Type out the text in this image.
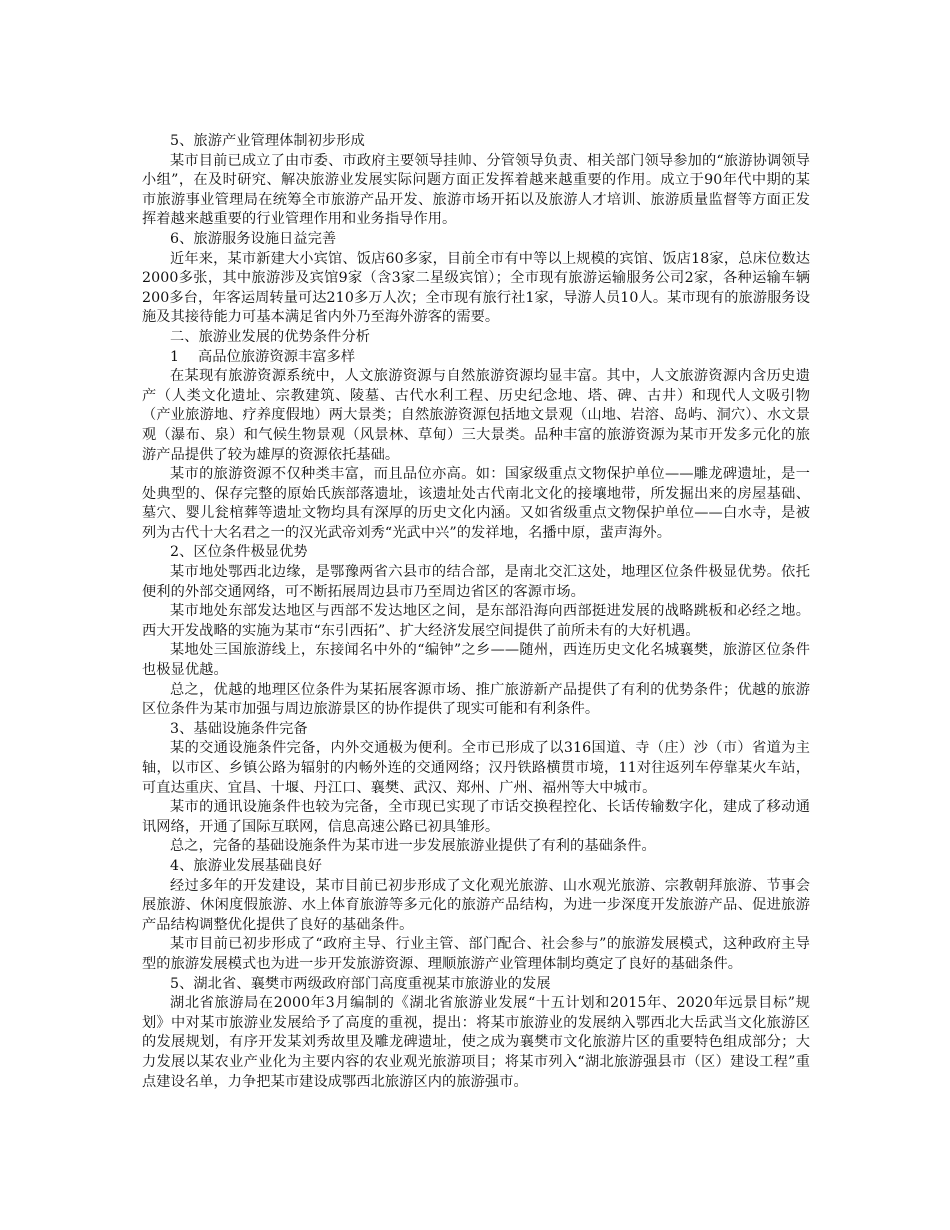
5、旅游产业管理体制初步形成

某市目前已成立了由市委、市政府主要领导挂帅、分管领导负责、相关部门领导参加的“旅游协调领导小组”，在及时研究、解决旅游业发展实际问题方面正发挥着越来越重要的作用。成立于90年代中期的某市旅游事业管理局在统筹全市旅游产品开发、旅游市场开拓以及旅游人才培训、旅游质量监督等方面正发挥着越来越重要的行业管理作用和业务指导作用。

6、旅游服务设施日益完善

近年来，某市新建大小宾馆、饭店60多家，目前全市有中等以上规模的宾馆、饭店18家，总床位数达2000多张，其中旅游涉及宾馆9家（含3家二星级宾馆）；全市现有旅游运输服务公司2家，各种运输车辆200多台，年客运周转量可达210多万人次；全市现有旅行社1家，导游人员10人。某市现有的旅游服务设施及其接待能力可基本满足省内外乃至海外游客的需要。

二、旅游业发展的优势条件分析

1　 高品位旅游资源丰富多样

在某现有旅游资源系统中，人文旅游资源与自然旅游资源均显丰富。其中，人文旅游资源内含历史遗产（人类文化遗址、宗教建筑、陵墓、古代水利工程、历史纪念地、塔、碑、古井）和现代人文吸引物（产业旅游地、疗养度假地）两大景类；自然旅游资源包括地文景观（山地、岩溶、岛屿、洞穴）、水文景观（瀑布、泉）和气候生物景观（风景林、草甸）三大景类。品种丰富的旅游资源为某市开发多元化的旅游产品提供了较为雄厚的资源依托基础。

某市的旅游资源不仅种类丰富，而且品位亦高。如：国家级重点文物保护单位——雕龙碑遗址，是一处典型的、保存完整的原始氏族部落遗址，该遗址处古代南北文化的接壤地带，所发掘出来的房屋基础、墓穴、婴儿瓮棺葬等遗址文物均具有深厚的历史文化内涵。又如省级重点文物保护单位——白水寺，是被列为古代十大名君之一的汉光武帝刘秀“光武中兴”的发祥地，名播中原，蜚声海外。

2、区位条件极显优势

某市地处鄂西北边缘，是鄂豫两省六县市的结合部，是南北交汇这处，地理区位条件极显优势。依托便利的外部交通网络，可不断拓展周边县市乃至周边省区的客源市场。

某市地处东部发达地区与西部不发达地区之间，是东部沿海向西部挺进发展的战略跳板和必经之地。西大开发战略的实施为某市“东引西拓”、扩大经济发展空间提供了前所未有的大好机遇。

某地处三国旅游线上，东接闻名中外的“编钟”之乡——随州，西连历史文化名城襄樊，旅游区位条件也极显优越。

总之，优越的地理区位条件为某拓展客源市场、推广旅游新产品提供了有利的优势条件；优越的旅游区位条件为某市加强与周边旅游景区的协作提供了现实可能和有利条件。

3、基础设施条件完备

某的交通设施条件完备，内外交通极为便利。全市已形成了以316国道、寺（庄）沙（市）省道为主轴，以市区、乡镇公路为辐射的内畅外连的交通网络；汉丹铁路横贯市境，11对往返列车停靠某火车站，可直达重庆、宜昌、十堰、丹江口、襄樊、武汉、郑州、广州、福州等大中城市。

某市的通讯设施条件也较为完备，全市现已实现了市话交换程控化、长话传输数字化，建成了移动通讯网络，开通了国际互联网，信息高速公路已初具雏形。

总之，完备的基础设施条件为某市进一步发展旅游业提供了有利的基础条件。

4、旅游业发展基础良好

经过多年的开发建设，某市目前已初步形成了文化观光旅游、山水观光旅游、宗教朝拜旅游、节事会展旅游、休闲度假旅游、水上体育旅游等多元化的旅游产品结构，为进一步深度开发旅游产品、促进旅游产品结构调整优化提供了良好的基础条件。

某市目前已初步形成了“政府主导、行业主管、部门配合、社会参与”的旅游发展模式，这种政府主导型的旅游发展模式也为进一步开发旅游资源、理顺旅游产业管理体制均奠定了良好的基础条件。

5、湖北省、襄樊市两级政府部门高度重视某市旅游业的发展

湖北省旅游局在2000年3月编制的《湖北省旅游业发展“十五计划和2015年、2020年远景目标”规划》中对某市旅游业发展给予了高度的重视，提出：将某市旅游业的发展纳入鄂西北大岳武当文化旅游区的发展规划，有序开发某刘秀故里及雕龙碑遗址，使之成为襄樊市文化旅游片区的重要特色组成部分；大力发展以某农业产业化为主要内容的农业观光旅游项目；将某市列入“湖北旅游强县市（区）建设工程”重点建设名单，力争把某市建设成鄂西北旅游区内的旅游强市。
